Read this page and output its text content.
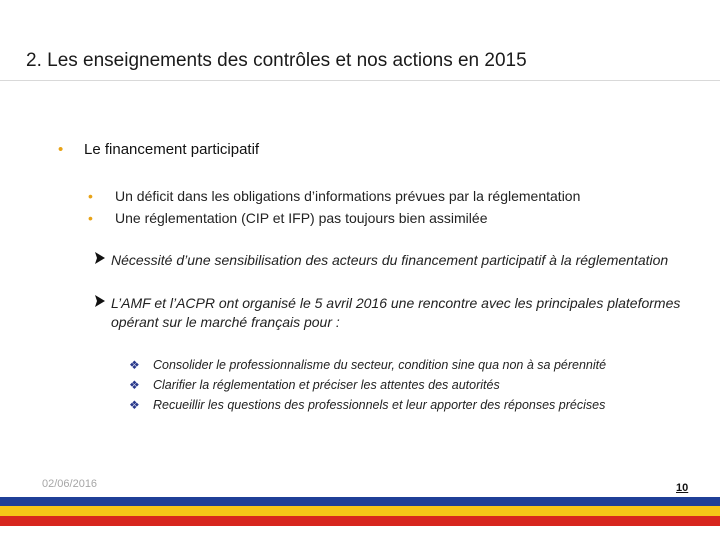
2. Les enseignements des contrôles et nos actions en 2015
• Le financement participatif
• Un déficit dans les obligations d’informations prévues par la réglementation
• Une réglementation (CIP et IFP) pas toujours bien assimilée
Nécessité d’une sensibilisation des acteurs du financement participatif à la réglementation
L’AMF et l’ACPR ont organisé le 5 avril 2016 une rencontre avec les principales plateformes opérant sur le marché français pour :
❖ Consolider le professionnalisme du secteur, condition sine qua non à sa pérennité
❖ Clarifier la réglementation et préciser les attentes des autorités
❖ Recueillir les questions des professionnels et leur apporter des réponses précises
02/06/2016	10
